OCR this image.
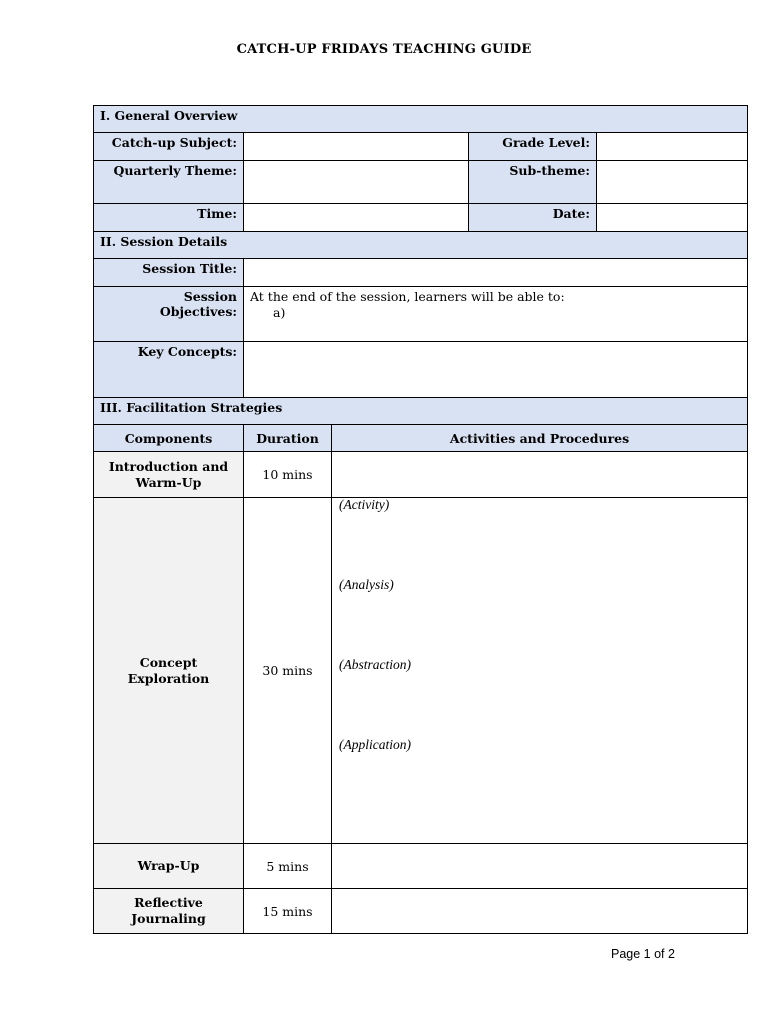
CATCH-UP FRIDAYS TEACHING GUIDE
I. General Overview				
Catch-up Subject:			Grade Level:	
Quarterly Theme:			Sub-theme:	
Time:			Date:	
II. Session Details				
Session Title:				
Session
Objectives:	At the end of the session, learners will be able to:
a)			

Key Concepts:				
III. Facilitation Strategies				
Components	Duration	Activities and Procedures		
Introduction and
Warm-Up	10 mins			
Concept
Exploration	30 mins	(Activity)
(Analysis)
(Abstraction)
(Application)		

Wrap-Up	5 mins			
Reflective
Journaling	15 mins			
Page 1 of 2
